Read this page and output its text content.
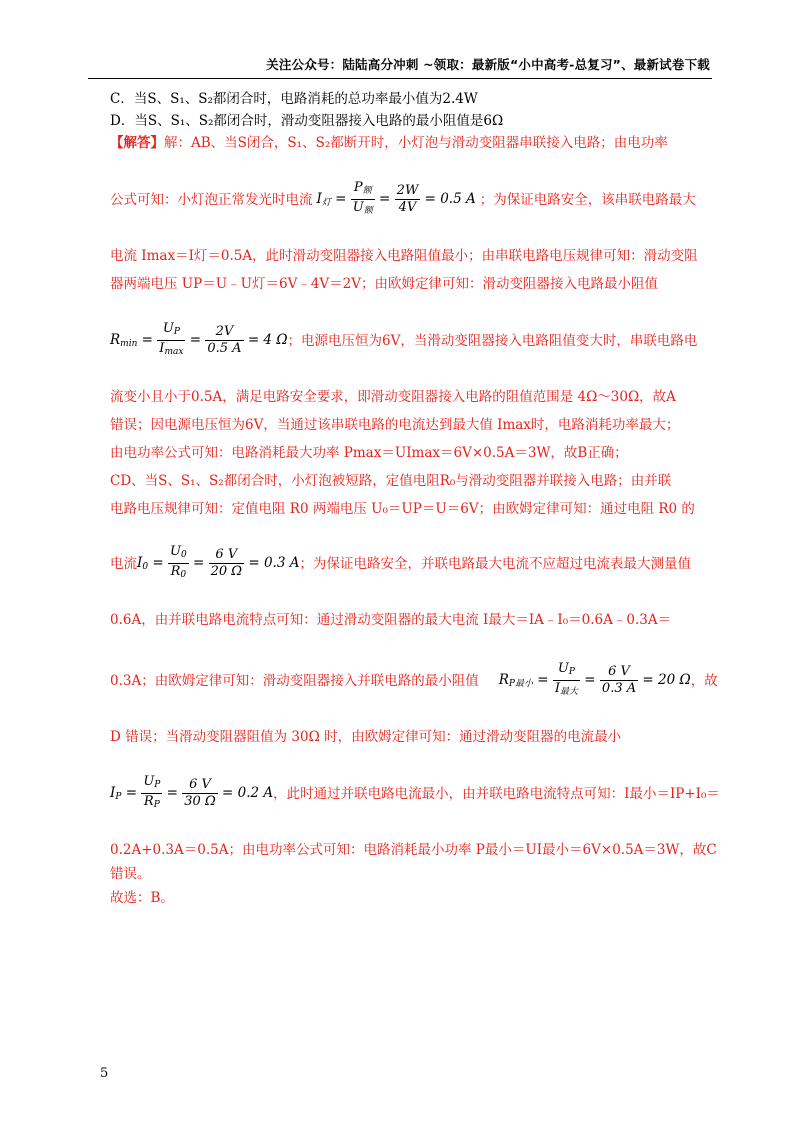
关注公众号：陆陆高分冲刺 ~领取：最新版“小中高考-总复习”、最新试卷下载
C．当S、S₁、S₂都闭合时，电路消耗的总功率最小值为2.4W
D．当S、S₁、S₂都闭合时，滑动变阻器接入电路的最小阻值是6Ω
【解答】解：AB、当S闭合，S₁、S₂都断开时，小灯泡与滑动变阻器串联接入电路；由电功率
公式可知：小灯泡正常发光时电流 $I_灯 = \frac{P_额}{U_额} = \frac{2W}{4V} = 0.5$ A ；为保证电路安全，该串联电路最大
电流 Imax＝I灯＝0.5A，此时滑动变阻器接入电路阻值最小；由串联电路电压规律可知：滑动变阻
器两端电压 UP＝U﹣U灯＝6V﹣4V＝2V；由欧姆定律可知：滑动变阻器接入电路最小阻值
$R_{min} = \frac{U_P}{I_{max}} = \frac{2V}{0.5 A} = 4$ Ω ；电源电压恒为6V，当滑动变阻器接入电路阻值变大时，串联电路电
流变小且小于0.5A，满足电路安全要求，即滑动变阻器接入电路的阻值范围是 4Ω～30Ω，故A
错误；因电源电压恒为6V，当通过该串联电路的电流达到最大值 Imax时，电路消耗功率最大；
由电功率公式可知：电路消耗最大功率 Pmax＝UImax＝6V×0.5A＝3W，故B正确；
CD、当S、S₁、S₂都闭合时，小灯泡被短路，定值电阻R₀与滑动变阻器并联接入电路；由并联
电路电压规律可知：定值电阻 R0 两端电压 U₀＝UP＝U＝6V；由欧姆定律可知：通过电阻 R0 的
电流 $I_0 = \frac{U_0}{R_0} = \frac{6 V}{20 \Omega} = 0.3$ A ；为保证电路安全，并联电路最大电流不应超过电流表最大测量值
0.6A，由并联电路电流特点可知：通过滑动变阻器的最大电流 I最大＝IA﹣I₀＝0.6A﹣0.3A＝
0.3A；由欧姆定律可知：滑动变阻器接入并联电路的最小阻值 $R_{P最小} = \frac{U_P}{I_{最大}} = \frac{6 V}{0.3 A} = 20$ Ω ，故
D 错误；当滑动变阻器阻值为 30Ω 时，由欧姆定律可知：通过滑动变阻器的电流最小
$I_P = \frac{U_P}{R_P} = \frac{6 V}{30 \Omega} = 0.2$ A ，此时通过并联电路电流最小，由并联电路电流特点可知：I最小＝IP+I₀＝
0.2A+0.3A＝0.5A；由电功率公式可知：电路消耗最小功率 P最小＝UI最小＝6V×0.5A＝3W，故C
错误。
故选：B。
5
